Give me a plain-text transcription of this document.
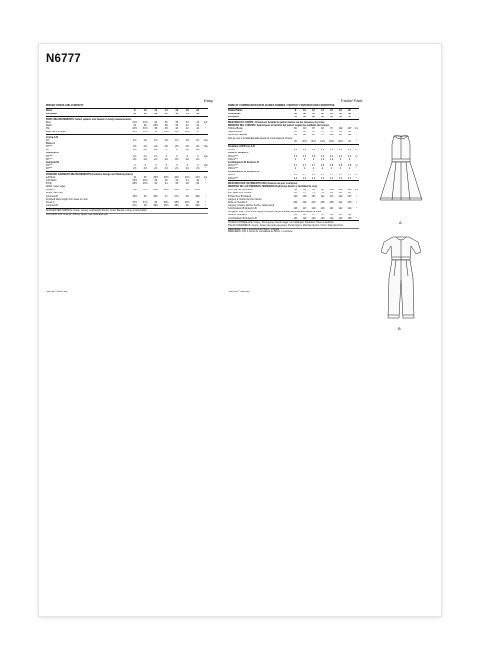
N6777
Easy	Facile/ Fácil
MISSES' DRESS AND JUMPSUIT:
Sizes	8	10	12	14	16	18	20
European	34	36	38	40	42	44	46
BODY MEASUREMENTS: Select pattern size based on body measurements
Bust	31½	32½	34	36	38	40	42	ins
Waist	24	25	26½	28	30	32	34	"
Hip	33½	34½	36	38	40	42	44	"
Back neck to waist	15½	15¾	16	16¼	16½	16¾	17	"
Lining A,B
45"	1⅛	1⅛	1⅛	1⅛	1⅛	1⅛	1⅛	Yds
Dress A
45"***	2⅜	2⅜	2⅜	2⅜	2⅜	2⅜	2⅜	Yds
60"***	2⅛	2⅛	2⅛	2	2	2⅛	2⅛	"
Jumpsuit B
45"***	2⅞	2⅞	2⅞	3	3	3	3	Yds
60"***	2⅛	2⅛	2⅛	2⅛	2⅛	2⅛	2⅛	"
Jumpsuit B
45"***	4	4	4	4	4	4	4	Yds
60"***	2⅝	2⅝	2⅝	2⅝	2⅝	2⅝	2⅝	"
FINISHED GARMENT MEASUREMENTS (Includes Design and Wearing Ease)
A,B Bust	34	35	36½	38½	40½	42½	44½	ins
A,B Waist	25½	26½	28	30	32	34	36	"
B Hip	39½	40½	42	44	46	48	50	"
Width, lower edge
Dress A	79¼	79½	80¼	80¾	81¾	83	84½	"
Width, each leg
Jumpsuit B	45½	46	46¾	47	47¾	48	48¾	"
Finished back length from base of neck
Dress A	37½	37¾	38	38¼	38½	38¾	39	"
Jumpsuit B	47¾	48	48¼	48½	48¾	49	49¼	"
SUGGESTED FABRICS: Crepe, Jersey, Lightweight Denim, Linen Blends. Lining: Lining Fabric.
NOTIONS: A,B: One 22" (56cm) zipper, one hook and eye.
*with nap **without nap
ROBE ET COMBINAISON POUR JEUNES FEMMES / VESTIDO Y ENTERIZO PARA SEÑORITAS:
Tailles/Tallas	8	10	12	14	16	18	20
Françaises	36	38	40	42	44	46	48
Europeas	34	36	38	40	42	44	46
MESURES DU CORPS: Choisissez la taille du patron basée sur les mesures du corps
MEDIDAS DEL CUERPO: Seleccionar el tamaño del patrón según las medidas del cuerpo
Poitrine/Busto	80	83	87	92	97	102	107	cm
Taille/Cintura	61	64	67	71	76	81	86	"
Hanches/Caderas	85	88	92	97	102	107	112	"
Dos de cou à la taille/Espalda desde la nuca hasta la cintura
40	40.5	40.5	41.5	42.5	42.5	44	"
Doublure A,B/Forro A,B
115cm	1.1	1.1	1.1	1.1	1.1	1.1	1.1	m
Robe A/ Vestido A
115cm***	2.2	2.2	2.2	2.2	2.2	2.2	2.2	m
150cm***	2	2	2	1.9	1.9	2	2	"
Combinaison B/ Enterizo B
115cm***	2.7	2.7	2.7	2.8	2.8	2.8	2.8	m
150cm***	2	2	2	2	2	2	2	"
Combinaison B/ Enterizo B
115cm***	3.7	3.7	3.7	3.7	3.7	3.7	3.7	m
150cm***	2.4	2.4	2.4	2.4	2.4	2.4	2.4	"
MESURES DES VÊTEMENTS FINI (Aisance de port comprise)
MEDIDAS DE LAS PRENDAS TERMINADAS (Incluye diseño y facilidad de uso)
A,B Poitrine/ A,B Busto	86	89	93	98	103	108	113	cm
A,B Taille/ A,B Cintura	65	67	71	76	81	86	91	"
B Hanches/ B Cadera	100	103	107	112	117	122	127	"
Largeur à l'ourlet/ Ancho inferior
Robe A/ Vestido A	201	202	204	205	208	211	215	"
Largeur, chaque jambe/ Ancho, cada pierna
Combinaison B/ Enterizo B	116	117	119	119	121	122	124	"
Longueur finie – dos, votre nuque à l'ourlet/ Largo acabado de la espalda desde la nuca
Robe A/ Vestido A	95	96	97	97	98	98	99	"
Combinaison B/ Enterizo B	121	122	123	123	124	124	125	"
TISSUS CONSEILLÉS: Crêpe, Tricot jersey, Denim léger, Lin mélangés. Doublure: Tissu à doublure.
TELAS SUGERIDAS: Crepé, Jersey de punto de jersey, Denim ligero, Mezclas de lino. Forro: Tela para forro.
MERCERIE: A,B: 1 fermeture de 56cm, 1 agrafe.
MERCERÍA: A,B: 1 cierre de cremallera de 56cm, 1 corchete.
*avec sens **sans sens
A
B
